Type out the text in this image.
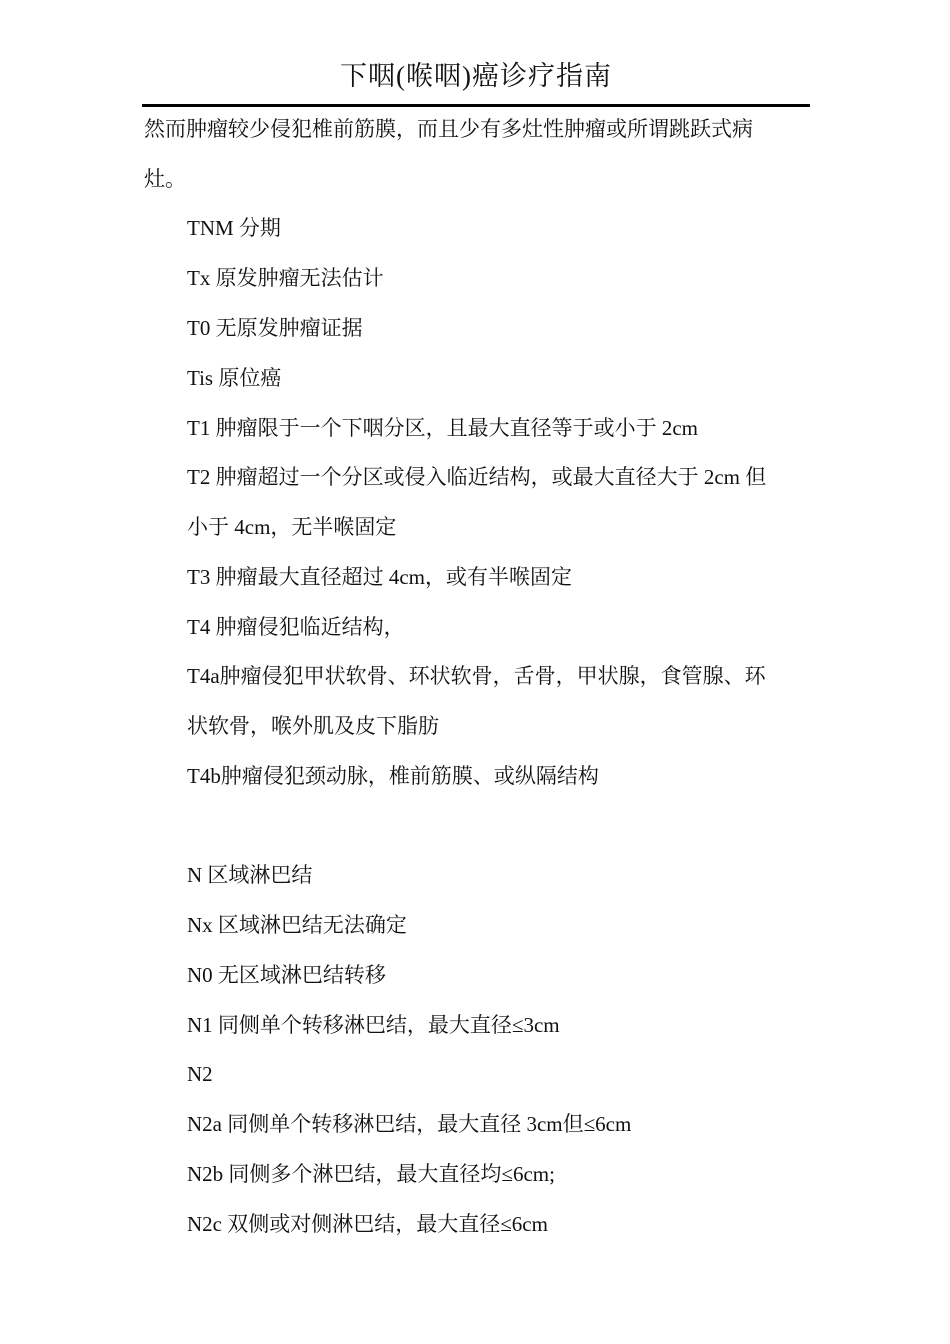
下咽(喉咽)癌诊疗指南
然而肿瘤较少侵犯椎前筋膜，而且少有多灶性肿瘤或所谓跳跃式病
灶。
TNM 分期
Tx 原发肿瘤无法估计
T0 无原发肿瘤证据
Tis 原位癌
T1 肿瘤限于一个下咽分区，且最大直径等于或小于 2cm
T2 肿瘤超过一个分区或侵入临近结构，或最大直径大于 2cm 但
小于 4cm，无半喉固定
T3 肿瘤最大直径超过 4cm，或有半喉固定
T4 肿瘤侵犯临近结构，
T4a肿瘤侵犯甲状软骨、环状软骨，舌骨，甲状腺，食管腺、环
状软骨，喉外肌及皮下脂肪
T4b肿瘤侵犯颈动脉，椎前筋膜、或纵隔结构
N 区域淋巴结
Nx 区域淋巴结无法确定
N0 无区域淋巴结转移
N1 同侧单个转移淋巴结，最大直径≤3cm
N2
N2a 同侧单个转移淋巴结，最大直径 3cm但≤6cm
N2b 同侧多个淋巴结，最大直径均≤6cm;
N2c 双侧或对侧淋巴结，最大直径≤6cm
